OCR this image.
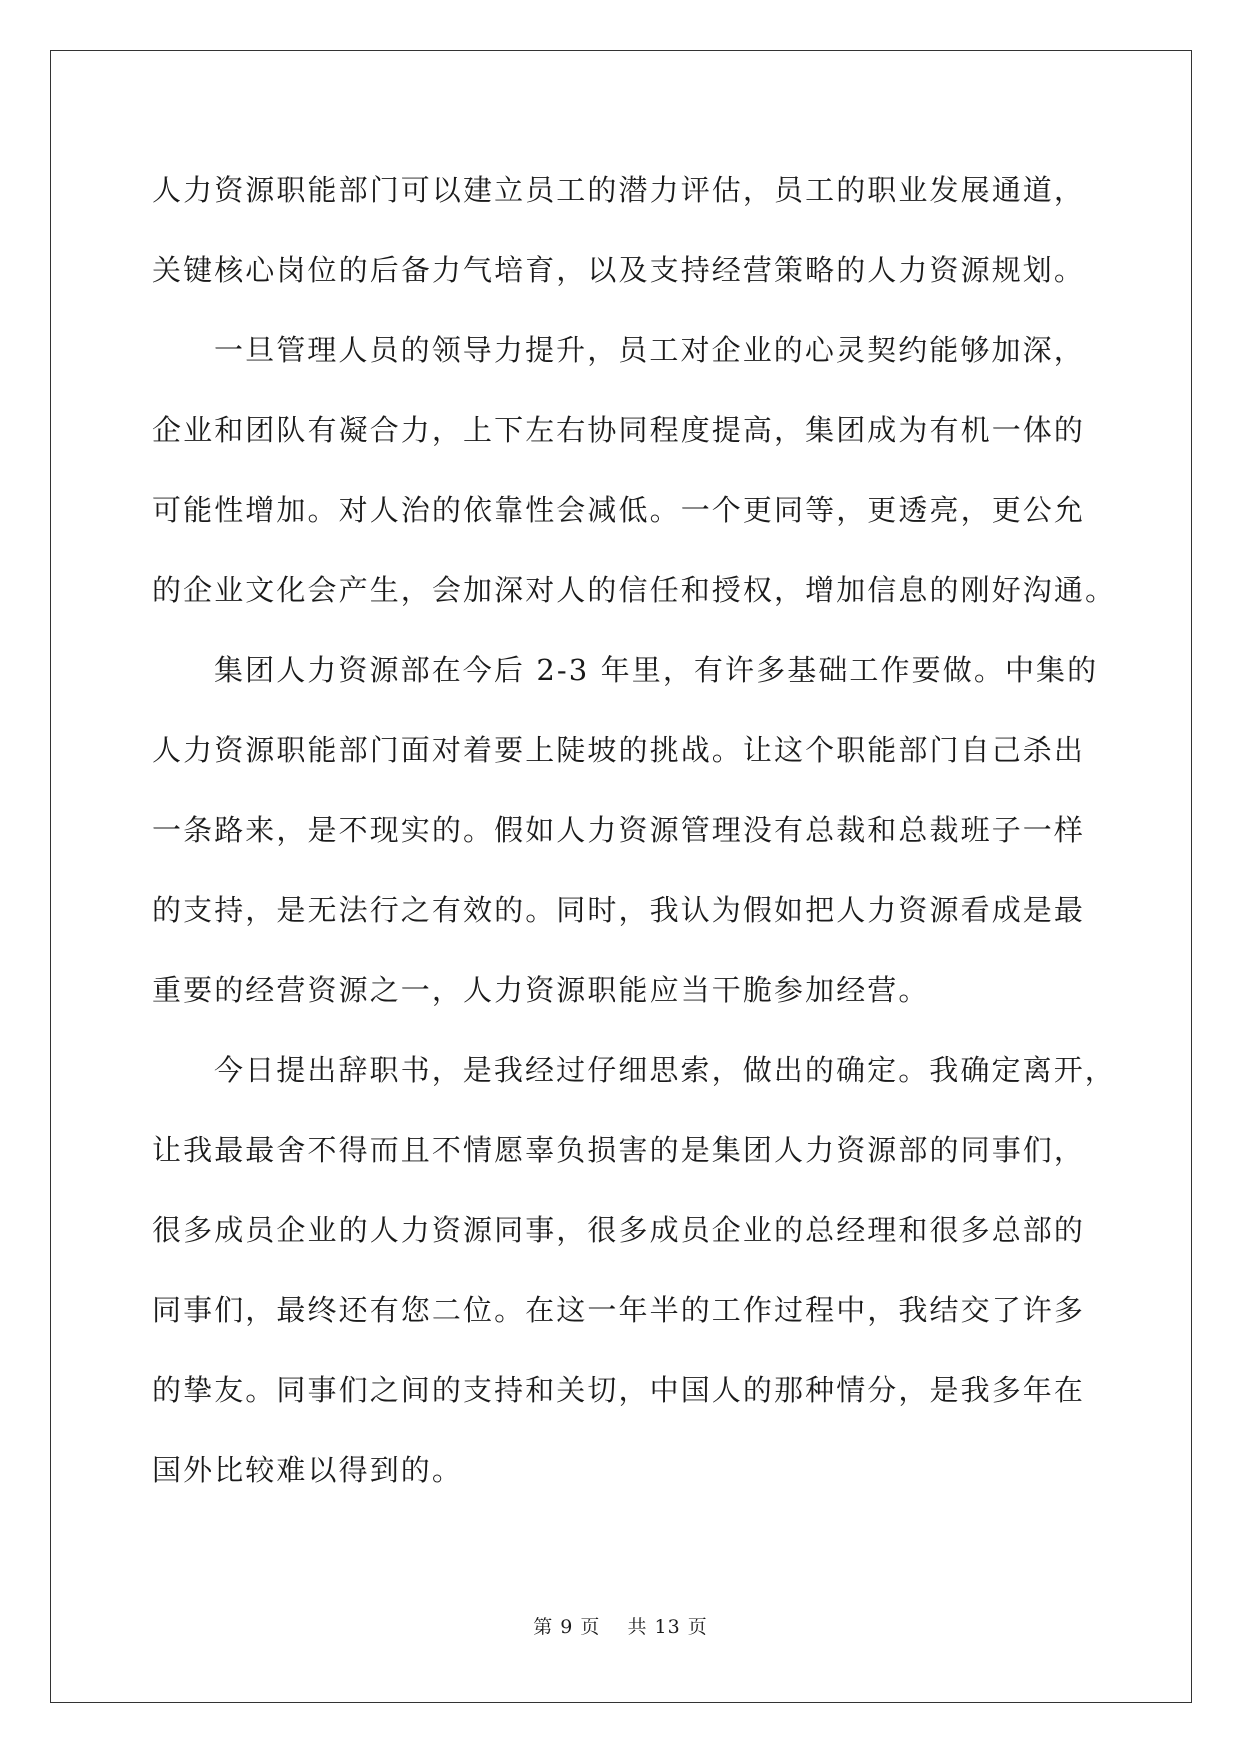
人力资源职能部门可以建立员工的潜力评估，员工的职业发展通道，
关键核心岗位的后备力气培育，以及支持经营策略的人力资源规划。
一旦管理人员的领导力提升，员工对企业的心灵契约能够加深，
企业和团队有凝合力，上下左右协同程度提高，集团成为有机一体的
可能性增加。对人治的依靠性会减低。一个更同等，更透亮，更公允
的企业文化会产生，会加深对人的信任和授权，增加信息的刚好沟通。
集团人力资源部在今后 2-3 年里，有许多基础工作要做。中集的
人力资源职能部门面对着要上陡坡的挑战。让这个职能部门自己杀出
一条路来，是不现实的。假如人力资源管理没有总裁和总裁班子一样
的支持，是无法行之有效的。同时，我认为假如把人力资源看成是最
重要的经营资源之一，人力资源职能应当干脆参加经营。
今日提出辞职书，是我经过仔细思索，做出的确定。我确定离开，
让我最最舍不得而且不情愿辜负损害的是集团人力资源部的同事们，
很多成员企业的人力资源同事，很多成员企业的总经理和很多总部的
同事们，最终还有您二位。在这一年半的工作过程中，我结交了许多
的挚友。同事们之间的支持和关切，中国人的那种情分，是我多年在
国外比较难以得到的。
第 9 页　 共 13 页
